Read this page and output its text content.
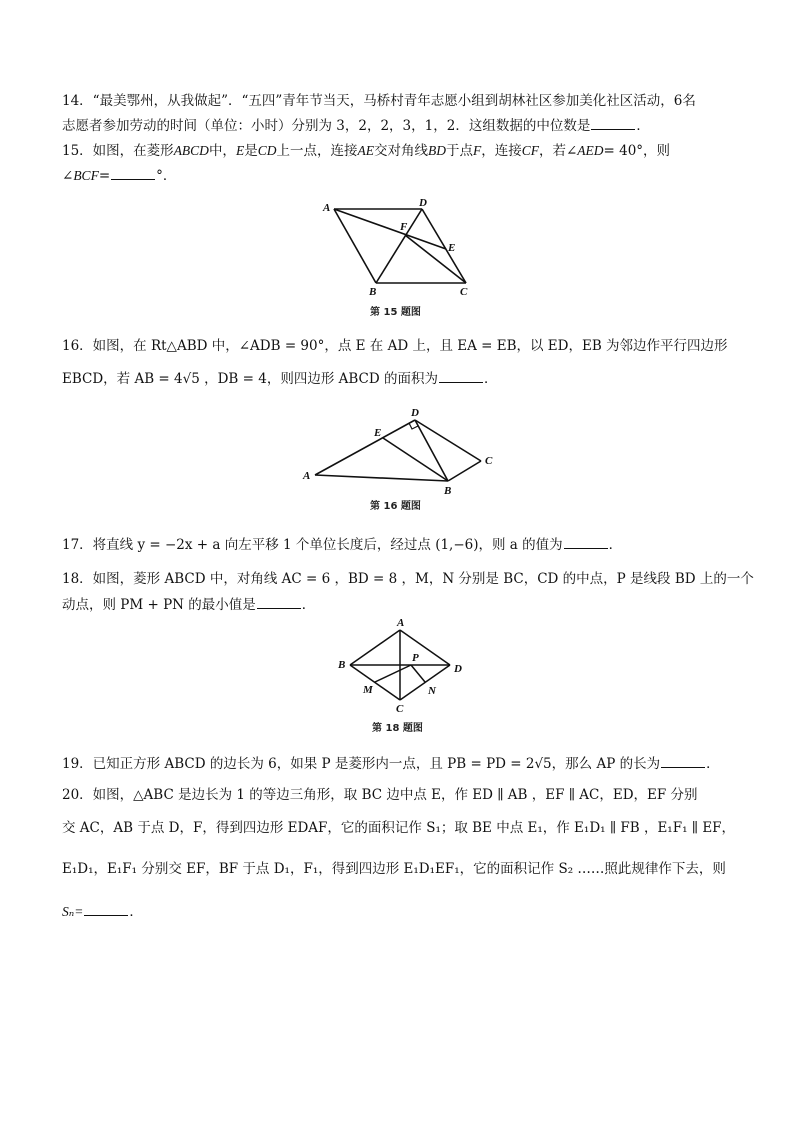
14．“最美鄂州，从我做起”．“五四”青年节当天，马桥村青年志愿小组到胡林社区参加美化社区活动，6名
志愿者参加劳动的时间（单位：小时）分别为 3，2，2，3，1，2．这组数据的中位数是	．
15．如图，在菱形ABCD中，E是CD上一点，连接AE交对角线BD于点F，连接CF，若∠AED= 40°，则
∠BCF=	°．
A	D
F
E
B	C
第 15 题图
16．如图，在 Rt△ABD 中，∠ADB = 90°，点 E 在 AD 上，且 EA = EB，以 ED，EB 为邻边作平行四边形
EBCD，若 AB = 4√5 ，DB = 4，则四边形 ABCD 的面积为	．
A
D
E
C
B
第 16 题图
17．将直线 y = −2x + a 向左平移 1 个单位长度后，经过点 (1,−6)，则 a 的值为	．
18．如图，菱形 ABCD 中，对角线 AC = 6 ，BD = 8 ，M，N 分别是 BC，CD 的中点，P 是线段 BD 上的一个
动点，则 PM + PN 的最小值是	．
A
B	D
P
M	N
C
第 18 题图
19．已知正方形 ABCD 的边长为 6，如果 P 是菱形内一点，且 PB = PD = 2√5，那么 AP 的长为	．
20．如图，△ABC 是边长为 1 的等边三角形，取 BC 边中点 E，作 ED ∥ AB ，EF ∥ AC，ED，EF 分别
交 AC，AB 于点 D，F，得到四边形 EDAF，它的面积记作 S₁；取 BE 中点 E₁，作 E₁D₁ ∥ FB ，E₁F₁ ∥ EF，
E₁D₁，E₁F₁ 分别交 EF，BF 于点 D₁，F₁，得到四边形 E₁D₁EF₁，它的面积记作 S₂ ……照此规律作下去，则
Sₙ=	．
